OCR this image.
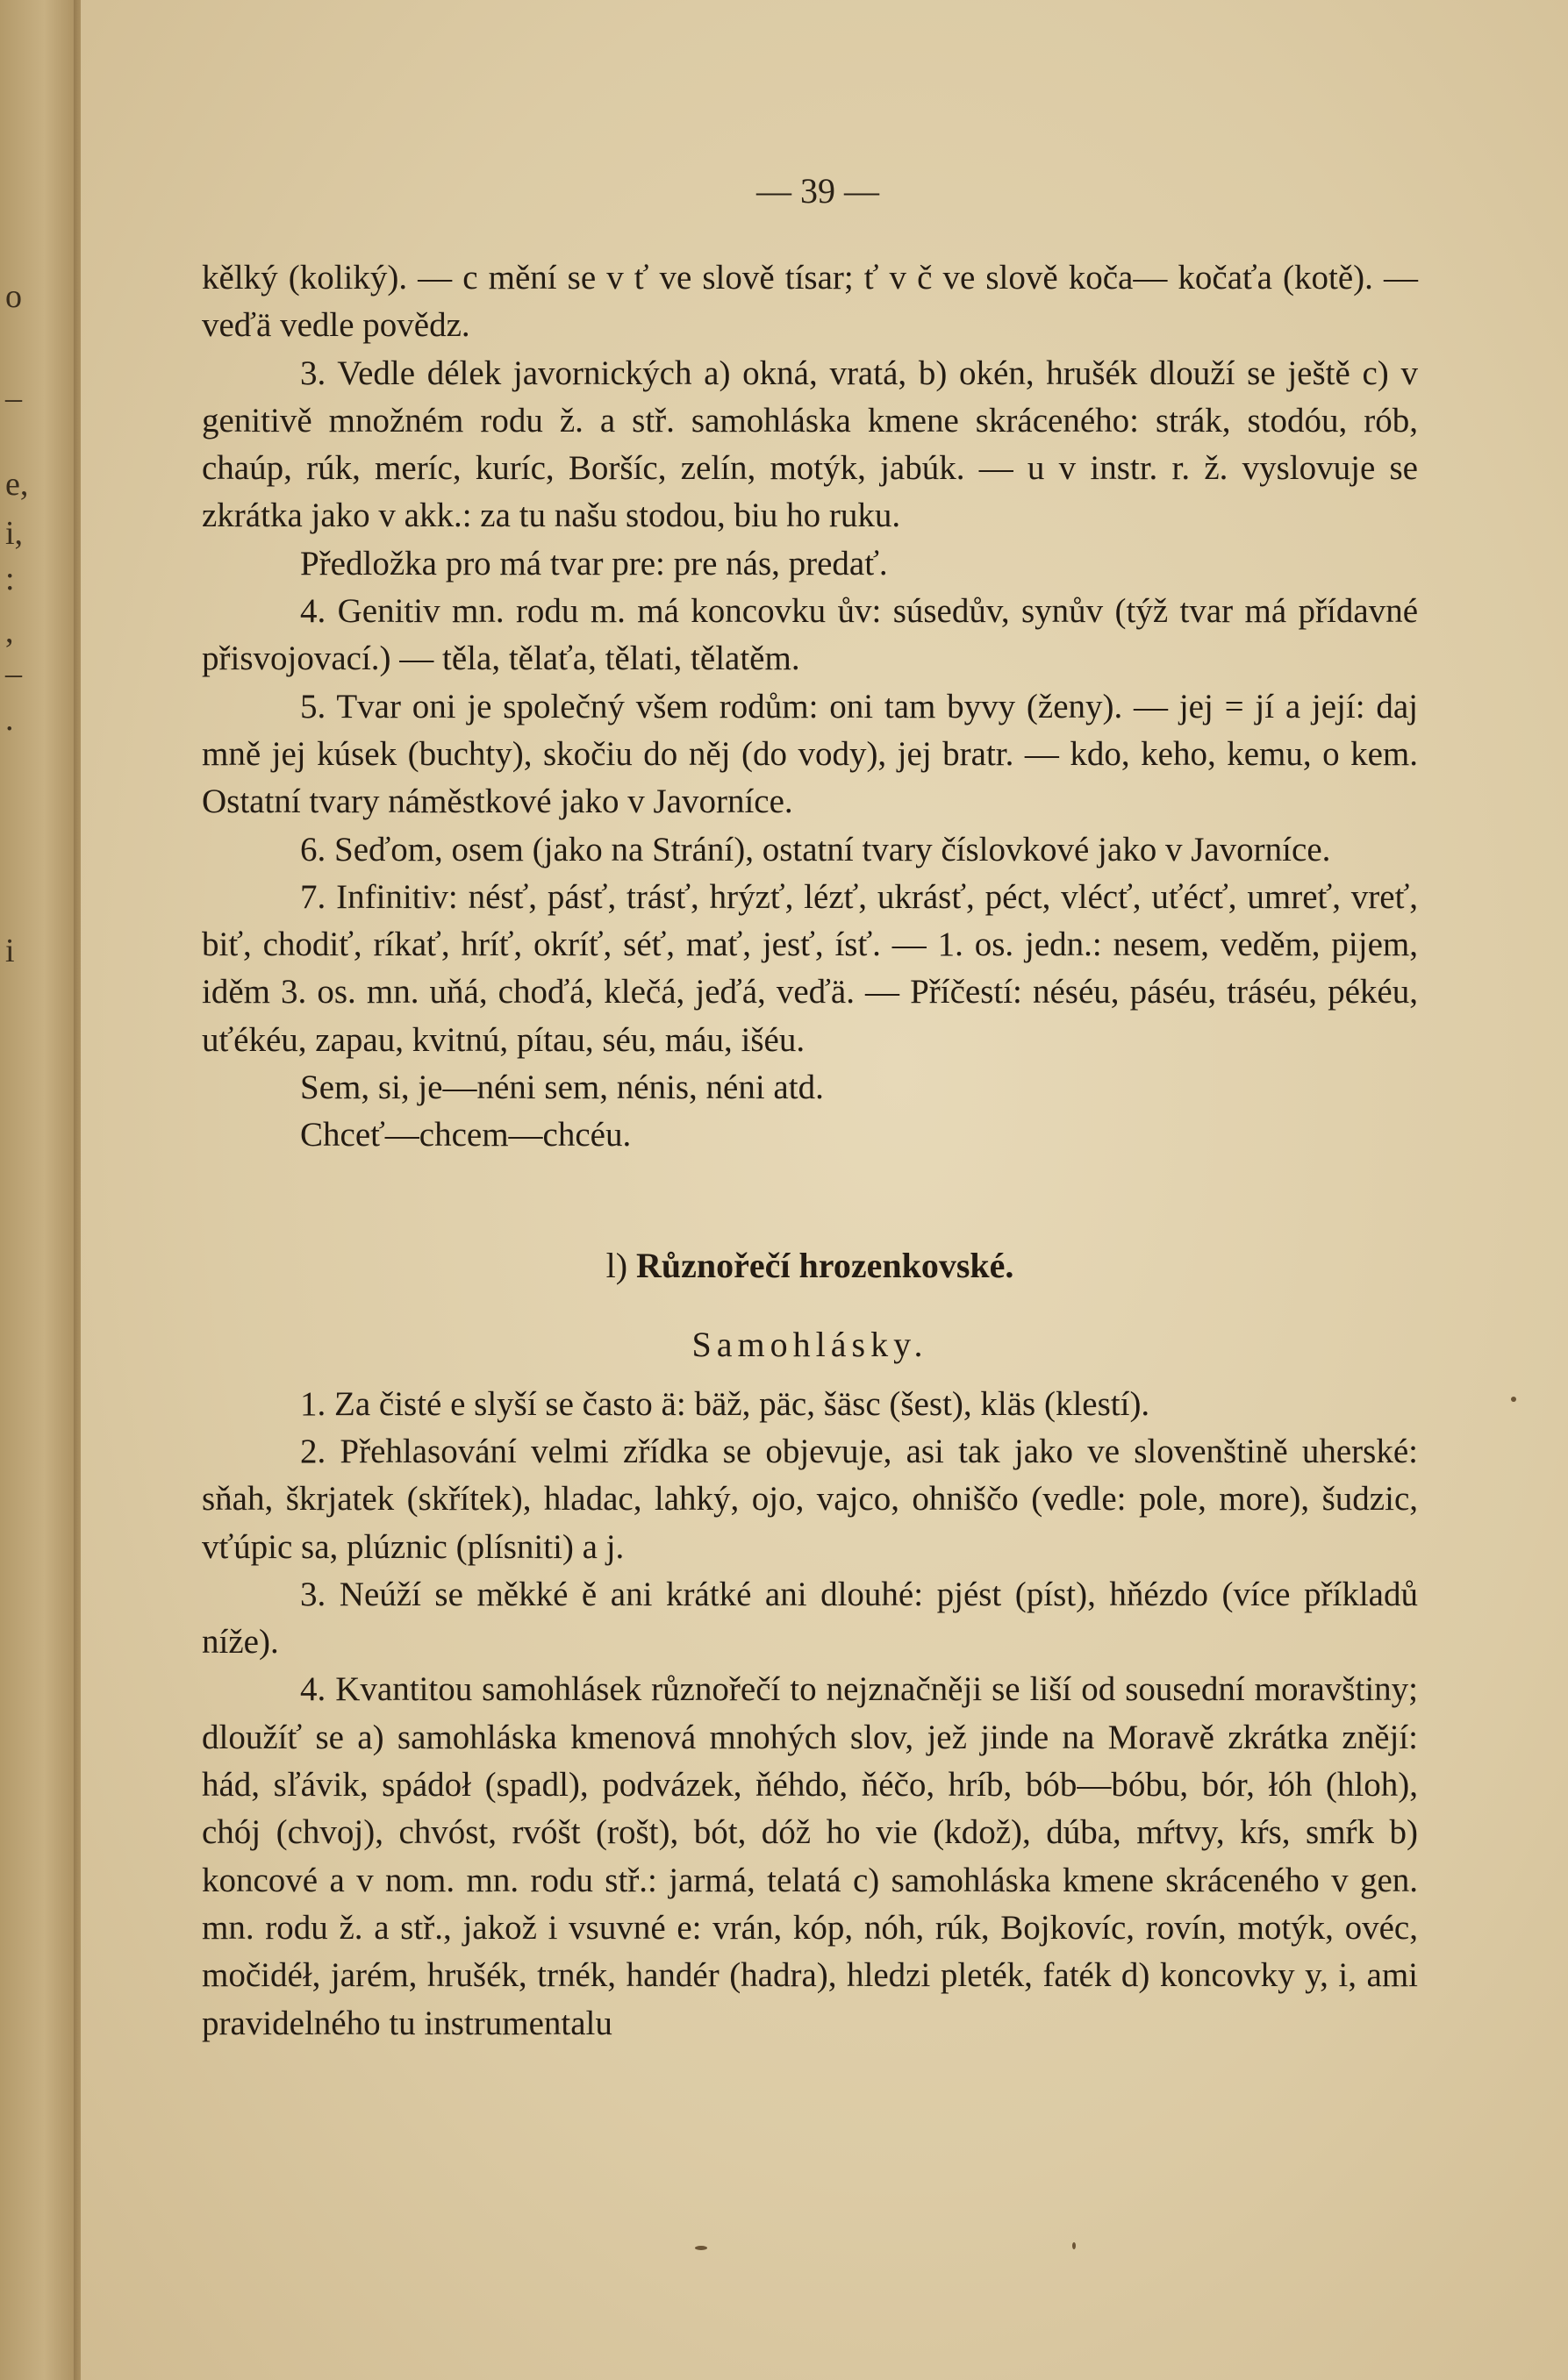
o
–
e,
i,
:
,
–
.
i
— 39 —

kělký (koliký). — c mění se v ť ve slově tísar; ť v č ve slově koča— kočaťa (kotě). — veďä vedle povědz.

3. Vedle délek javornických a) okná, vratá, b) okén, hrušék dlouží se ještě c) v genitivě množném rodu ž. a stř. samohláska kmene skráceného: strák, stodóu, rób, chaúp, rúk, meríc, kuríc, Boršíc, zelín, motýk, jabúk. — u v instr. r. ž. vyslovuje se zkrátka jako v akk.: za tu našu stodou, biu ho ruku.

Předložka pro má tvar pre: pre nás, predať.

4. Genitiv mn. rodu m. má koncovku ův: súsedův, synův (týž tvar má přídavné přisvojovací.) — těla, tělaťa, tělati, tělatěm.

5. Tvar oni je společný všem rodům: oni tam byvy (ženy). — jej = jí a její: daj mně jej kúsek (buchty), skočiu do něj (do vody), jej bratr. — kdo, keho, kemu, o kem. Ostatní tvary náměstkové jako v Javorníce.

6. Seďom, osem (jako na Strání), ostatní tvary číslovkové jako v Javorníce.

7. Infinitiv: nésť, pásť, trásť, hrýzť, lézť, ukrásť, péct, vlécť, uťécť, umreť, vreť, biť, chodiť, ríkať, hríť, okríť, séť, mať, jesť, ísť. — 1. os. jedn.: nesem, veděm, pijem, iděm 3. os. mn. uňá, choďá, klečá, jeďá, veďä. — Příčestí: néséu, páséu, tráséu, pékéu, uťékéu, zapau, kvitnú, pítau, séu, máu, išéu.

Sem, si, je—néni sem, nénis, néni atd.

Chceť—chcem—chcéu.

l) Různořečí hrozenkovské.
Samohlásky.

1. Za čisté e slyší se často ä: bäž, päc, šäsc (šest), kläs (klestí).

2. Přehlasování velmi zřídka se objevuje, asi tak jako ve slovenštině uherské: sňah, škrjatek (skřítek), hladac, lahký, ojo, vajco, ohniščo (vedle: pole, more), šudzic, vťúpic sa, plúznic (plísniti) a j.

3. Neúží se měkké ě ani krátké ani dlouhé: pjést (píst), hňézdo (více příkladů níže).

4. Kvantitou samohlásek různořečí to nejznačněji se liší od sousední moravštiny; dloužíť se a) samohláska kmenová mnohých slov, jež jinde na Moravě zkrátka znějí: hád, sľávik, spádoł (spadl), podvázek, ňéhdo, ňéčo, hríb, bób—bóbu, bór, łóh (hloh), chój (chvoj), chvóst, rvóšt (rošt), bót, dóž ho vie (kdož), dúba, mŕtvy, kŕs, smŕk b) koncové a v nom. mn. rodu stř.: jarmá, telatá c) samohláska kmene skráceného v gen. mn. rodu ž. a stř., jakož i vsuvné e: vrán, kóp, nóh, rúk, Bojkovíc, rovín, motýk, ovéc, močidéł, jarém, hrušék, trnék, handér (hadra), hledzi pleték, faték d) koncovky y, i, ami pravidelného tu instrumentalu
